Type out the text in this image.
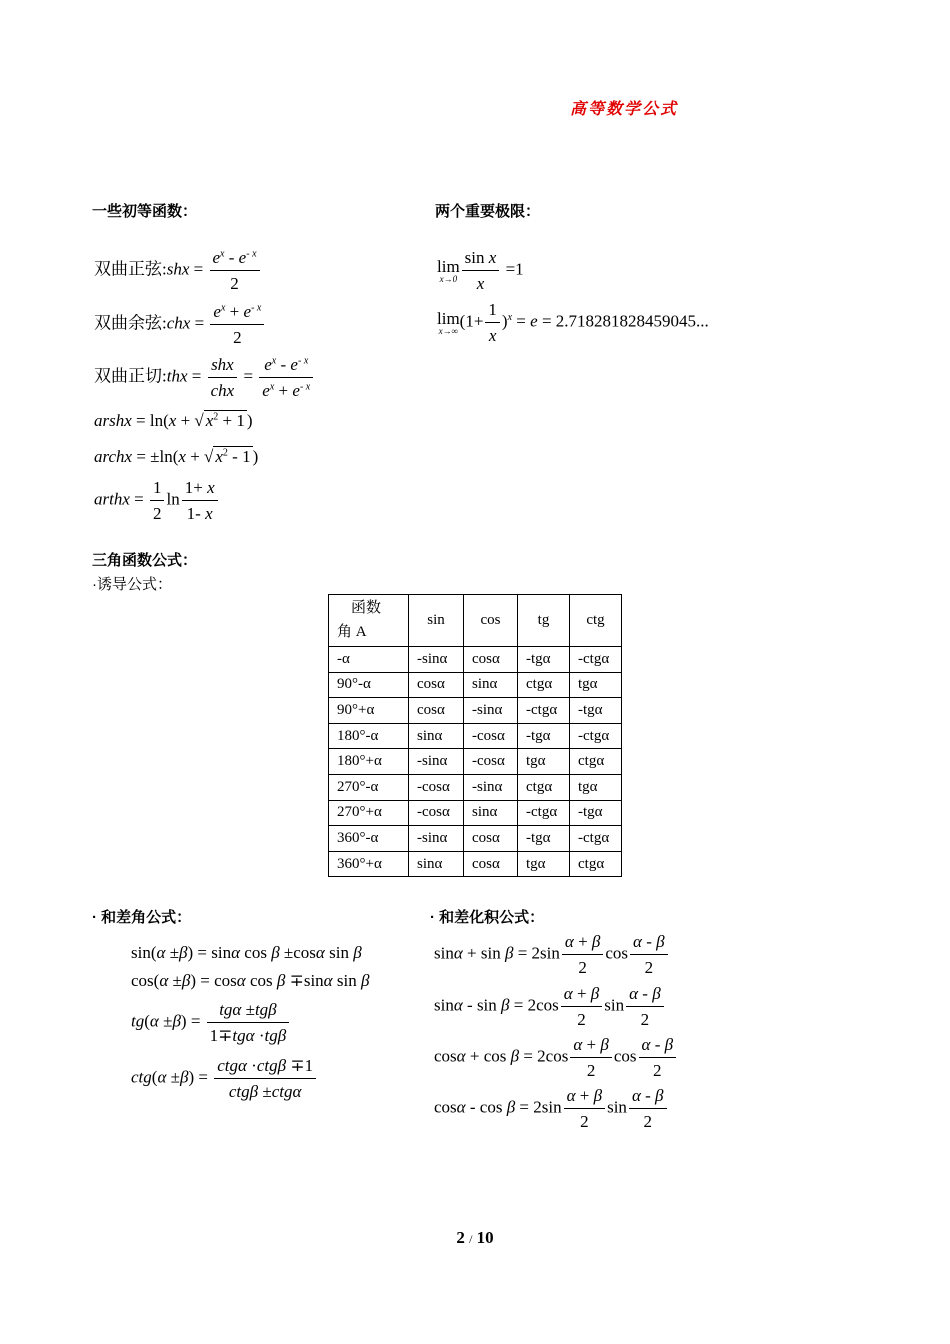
高等数学公式
一些初等函数：
双曲正弦:shx = $\frac{e^x - e^{- x}}{2}$
双曲余弦:chx = $\frac{e^x + e^{- x}}{2}$
双曲正切:thx = $\frac{\text{shx}}{\text{chx}} = \frac{e^x - e^{- x}}{e^x + e^{- x}}$
arshx = ln(x + √ $x^2 + 1$ )
archx = ±ln(x + √ $x^2 - 1$ )
arthx = $\frac{1}{2}$ $\ln \frac{1+ x}{1- x}$
两个重要极限：
lim
$x\to 0 \frac{\text{sin x}}{x} =1$
lim
x→∞
$(1+ \frac{1}{x} )^x = e = 2.718281828459045$...
三角函数公式：
·诱导公式：
函数
角 A	sin	cos	tg	ctg
-α	-sinα	cosα	-tgα	-ctgα
90°-α	cosα	sinα	ctgα	tgα
90°+α	cosα	-sinα	-ctgα	-tgα
180°-α	sinα	-cosα	-tgα	-ctgα
180°+α	-sinα	-cosα	tgα	ctgα
270°-α	-cosα	-sinα	ctgα	tgα
270°+α	-cosα	sinα	-ctgα	-tgα
360°-α	-sinα	cosα	-tgα	-ctgα
360°+α	sinα	cosα	tgα	ctgα
· 和差角公式：
sin(α ±β) = sinα cos β ±cosα sin β
cos(α ±β) = cosα cos β ∓sinα sin β
$tg(\alpha \pm\beta) = \frac{\text{tgα ±tgβ}}{\text{1∓tgα ·tgβ}}$
$ctg(\alpha \pm\beta) = \frac{\text{ctgα ·ctgβ ∓1}}{\text{ctgβ ±ctgα}}$
· 和差化积公式：
$\sin\alpha + \sin \beta = 2\sin \frac{\alpha + \beta}{2}$ $\cos \frac{\alpha - \beta}{2}$
$\sin\alpha - \sin \beta = 2\cos \frac{\alpha + \beta}{2}$ $\sin \frac{\alpha - \beta}{2}$
$\cos\alpha + \cos \beta = 2\cos \frac{\alpha + \beta}{2}$ $\cos \frac{\alpha - \beta}{2}$
$\cos\alpha - \cos \beta = 2\sin \frac{\alpha + \beta}{2}$ $\sin \frac{\alpha - \beta}{2}$
2 / 10
